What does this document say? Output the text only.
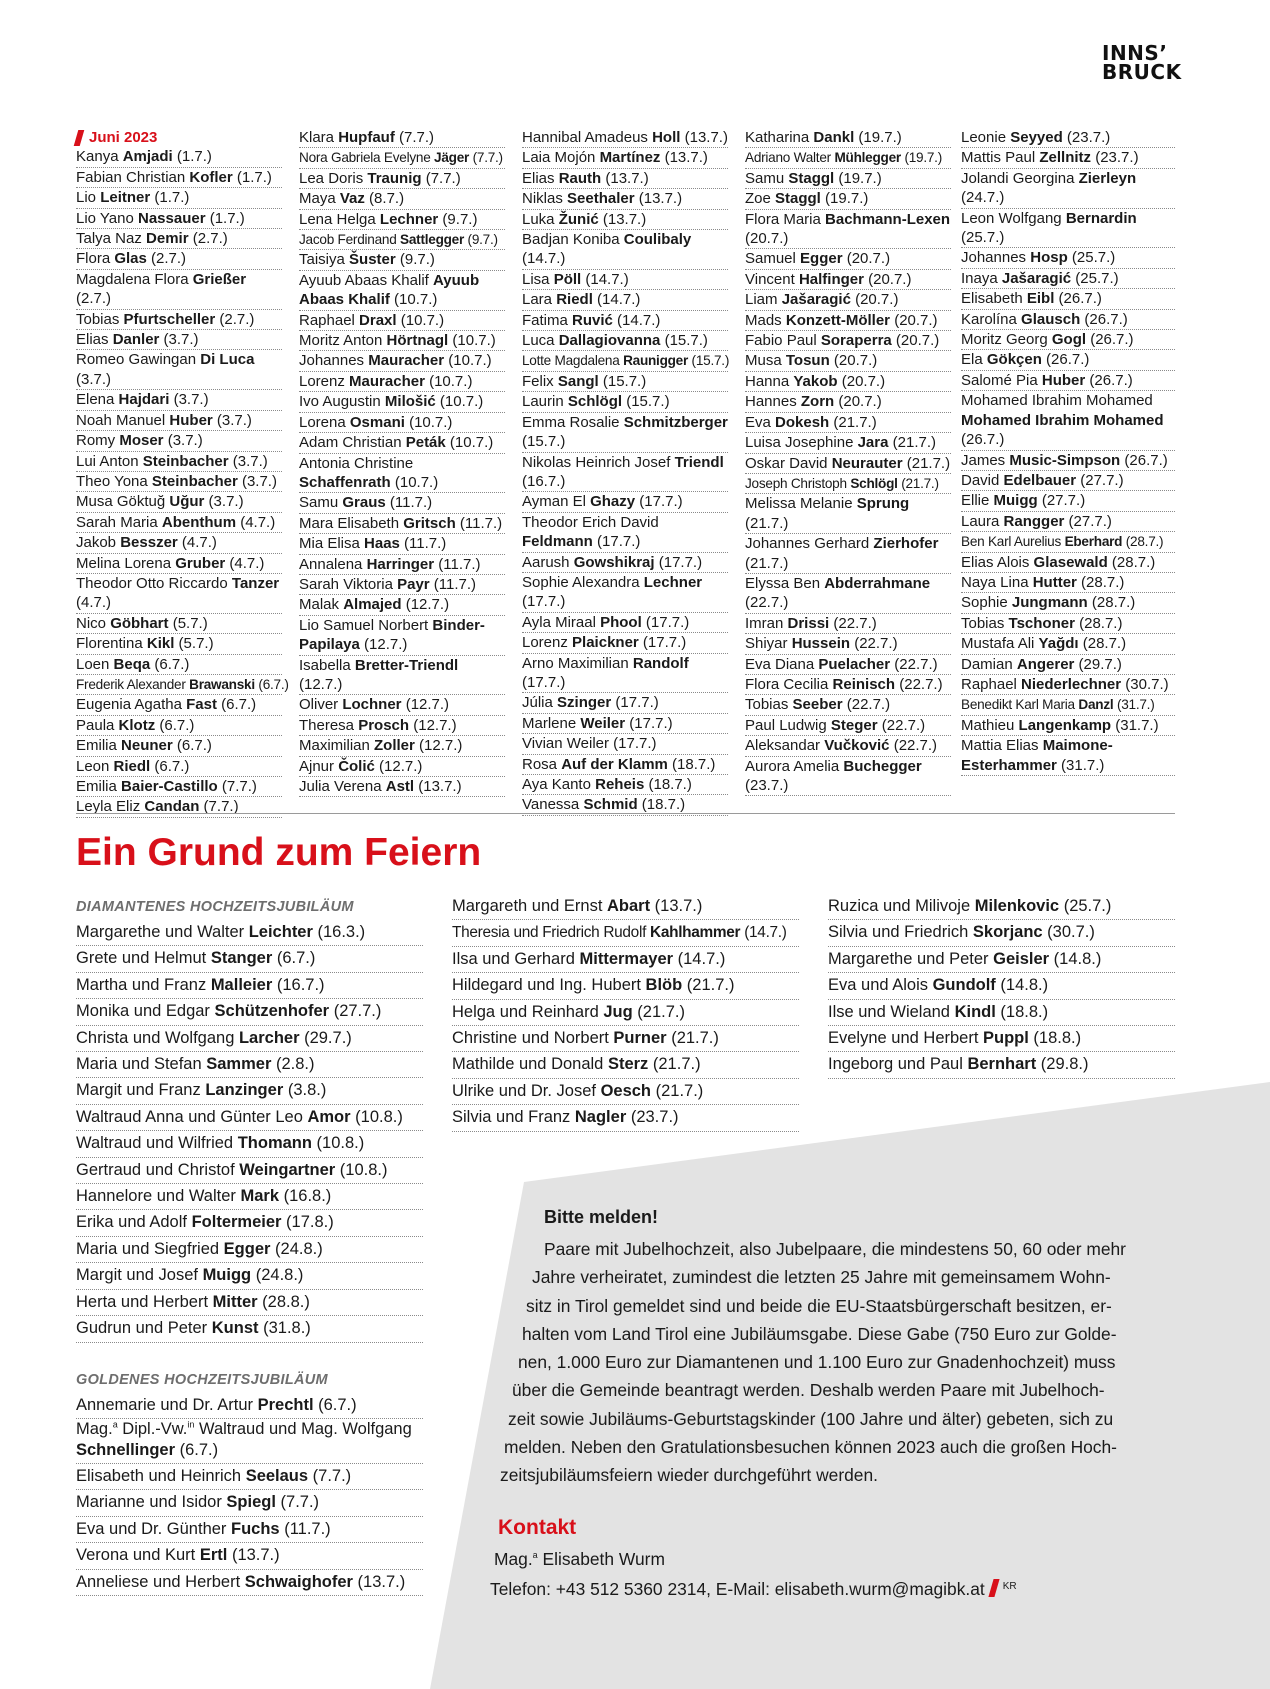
INNS’
BRUCK
Juni 2023
Kanya Amjadi (1.7.)
Fabian Christian Kofler (1.7.)
Lio Leitner (1.7.)
Lio Yano Nassauer (1.7.)
Talya Naz Demir (2.7.)
Flora Glas (2.7.)
Magdalena Flora Grießer (2.7.)
Tobias Pfurtscheller (2.7.)
Elias Danler (3.7.)
Romeo Gawingan Di Luca (3.7.)
Elena Hajdari (3.7.)
Noah Manuel Huber (3.7.)
Romy Moser (3.7.)
Lui Anton Steinbacher (3.7.)
Theo Yona Steinbacher (3.7.)
Musa Göktuğ Uğur (3.7.)
Sarah Maria Abenthum (4.7.)
Jakob Besszer (4.7.)
Melina Lorena Gruber (4.7.)
Theodor Otto Riccardo Tanzer (4.7.)
Nico Göbhart (5.7.)
Florentina Kikl (5.7.)
Loen Beqa (6.7.)
Frederik Alexander Brawanski (6.7.)
Eugenia Agatha Fast (6.7.)
Paula Klotz (6.7.)
Emilia Neuner (6.7.)
Leon Riedl (6.7.)
Emilia Baier-Castillo (7.7.)
Leyla Eliz Candan (7.7.)
Klara Hupfauf (7.7.)
Nora Gabriela Evelyne Jäger (7.7.)
Lea Doris Traunig (7.7.)
Maya Vaz (8.7.)
Lena Helga Lechner (9.7.)
Jacob Ferdinand Sattlegger (9.7.)
Taisiya Šuster (9.7.)
Ayuub Abaas Khalif Ayuub Abaas Khalif (10.7.)
Raphael Draxl (10.7.)
Moritz Anton Hörtnagl (10.7.)
Johannes Mauracher (10.7.)
Lorenz Mauracher (10.7.)
Ivo Augustin Milošić (10.7.)
Lorena Osmani (10.7.)
Adam Christian Peták (10.7.)
Antonia Christine Schaffenrath (10.7.)
Samu Graus (11.7.)
Mara Elisabeth Gritsch (11.7.)
Mia Elisa Haas (11.7.)
Annalena Harringer (11.7.)
Sarah Viktoria Payr (11.7.)
Malak Almajed (12.7.)
Lio Samuel Norbert Binder-Papilaya (12.7.)
Isabella Bretter-Triendl (12.7.)
Oliver Lochner (12.7.)
Theresa Prosch (12.7.)
Maximilian Zoller (12.7.)
Ajnur Čolić (12.7.)
Julia Verena Astl (13.7.)
Hannibal Amadeus Holl (13.7.)
Laia Mojón Martínez (13.7.)
Elias Rauth (13.7.)
Niklas Seethaler (13.7.)
Luka Žunić (13.7.)
Badjan Koniba Coulibaly (14.7.)
Lisa Pöll (14.7.)
Lara Riedl (14.7.)
Fatima Ruvić (14.7.)
Luca Dallagiovanna (15.7.)
Lotte Magdalena Raunigger (15.7.)
Felix Sangl (15.7.)
Laurin Schlögl (15.7.)
Emma Rosalie Schmitzberger (15.7.)
Nikolas Heinrich Josef Triendl (16.7.)
Ayman El Ghazy (17.7.)
Theodor Erich David Feldmann (17.7.)
Aarush Gowshikraj (17.7.)
Sophie Alexandra Lechner (17.7.)
Ayla Miraal Phool (17.7.)
Lorenz Plaickner (17.7.)
Arno Maximilian Randolf (17.7.)
Júlia Szinger (17.7.)
Marlene Weiler (17.7.)
Vivian Weiler (17.7.)
Rosa Auf der Klamm (18.7.)
Aya Kanto Reheis (18.7.)
Vanessa Schmid (18.7.)
Katharina Dankl (19.7.)
Adriano Walter Mühlegger (19.7.)
Samu Staggl (19.7.)
Zoe Staggl (19.7.)
Flora Maria Bachmann-Lexen (20.7.)
Samuel Egger (20.7.)
Vincent Halfinger (20.7.)
Liam Jašaragić (20.7.)
Mads Konzett-Möller (20.7.)
Fabio Paul Soraperra (20.7.)
Musa Tosun (20.7.)
Hanna Yakob (20.7.)
Hannes Zorn (20.7.)
Eva Dokesh (21.7.)
Luisa Josephine Jara (21.7.)
Oskar David Neurauter (21.7.)
Joseph Christoph Schlögl (21.7.)
Melissa Melanie Sprung (21.7.)
Johannes Gerhard Zierhofer (21.7.)
Elyssa Ben Abderrahmane (22.7.)
Imran Drissi (22.7.)
Shiyar Hussein (22.7.)
Eva Diana Puelacher (22.7.)
Flora Cecilia Reinisch (22.7.)
Tobias Seeber (22.7.)
Paul Ludwig Steger (22.7.)
Aleksandar Vučković (22.7.)
Aurora Amelia Buchegger (23.7.)
Leonie Seyyed (23.7.)
Mattis Paul Zellnitz (23.7.)
Jolandi Georgina Zierleyn (24.7.)
Leon Wolfgang Bernardin (25.7.)
Johannes Hosp (25.7.)
Inaya Jašaragić (25.7.)
Elisabeth Eibl (26.7.)
Karolína Glausch (26.7.)
Moritz Georg Gogl (26.7.)
Ela Gökçen (26.7.)
Salomé Pia Huber (26.7.)
Mohamed Ibrahim Mohamed Mohamed Ibrahim Mohamed (26.7.)
James Music-Simpson (26.7.)
David Edelbauer (27.7.)
Ellie Muigg (27.7.)
Laura Rangger (27.7.)
Ben Karl Aurelius Eberhard (28.7.)
Elias Alois Glasewald (28.7.)
Naya Lina Hutter (28.7.)
Sophie Jungmann (28.7.)
Tobias Tschoner (28.7.)
Mustafa Ali Yağdı (28.7.)
Damian Angerer (29.7.)
Raphael Niederlechner (30.7.)
Benedikt Karl Maria Danzl (31.7.)
Mathieu Langenkamp (31.7.)
Mattia Elias Maimone-Esterhammer (31.7.)
Ein Grund zum Feiern
DIAMANTENES HOCHZEITSJUBILÄUM
Margarethe und Walter Leichter (16.3.)
Grete und Helmut Stanger (6.7.)
Martha und Franz Malleier (16.7.)
Monika und Edgar Schützenhofer (27.7.)
Christa und Wolfgang Larcher (29.7.)
Maria und Stefan Sammer (2.8.)
Margit und Franz Lanzinger (3.8.)
Waltraud Anna und Günter Leo Amor (10.8.)
Waltraud und Wilfried Thomann (10.8.)
Gertraud und Christof Weingartner (10.8.)
Hannelore und Walter Mark (16.8.)
Erika und Adolf Foltermeier (17.8.)
Maria und Siegfried Egger (24.8.)
Margit und Josef Muigg (24.8.)
Herta und Herbert Mitter (28.8.)
Gudrun und Peter Kunst (31.8.)
GOLDENES HOCHZEITSJUBILÄUM
Annemarie und Dr. Artur Prechtl (6.7.)
Mag.$^a$ Dipl.-Vw.$^{in}$ Waltraud und Mag. Wolfgang Schnellinger (6.7.)
Elisabeth und Heinrich Seelaus (7.7.)
Marianne und Isidor Spiegl (7.7.)
Eva und Dr. Günther Fuchs (11.7.)
Verona und Kurt Ertl (13.7.)
Anneliese und Herbert Schwaighofer (13.7.)
Margareth und Ernst Abart (13.7.)
Theresia und Friedrich Rudolf Kahlhammer (14.7.)
Ilsa und Gerhard Mittermayer (14.7.)
Hildegard und Ing. Hubert Blöb (21.7.)
Helga und Reinhard Jug (21.7.)
Christine und Norbert Purner (21.7.)
Mathilde und Donald Sterz (21.7.)
Ulrike und Dr. Josef Oesch (21.7.)
Silvia und Franz Nagler (23.7.)
Ruzica und Milivoje Milenkovic (25.7.)
Silvia und Friedrich Skorjanc (30.7.)
Margarethe und Peter Geisler (14.8.)
Eva und Alois Gundolf (14.8.)
Ilse und Wieland Kindl (18.8.)
Evelyne und Herbert Puppl (18.8.)
Ingeborg und Paul Bernhart (29.8.)
Bitte melden!

Paare mit Jubelhochzeit, also Jubelpaare, die mindestens 50, 60 oder mehr

Jahre verheiratet, zumindest die letzten 25 Jahre mit gemeinsamem Wohn-

sitz in Tirol gemeldet sind und beide die EU-Staatsbürgerschaft besitzen, er-

halten vom Land Tirol eine Jubiläumsgabe. Diese Gabe (750 Euro zur Golde-

nen, 1.000 Euro zur Diamantenen und 1.100 Euro zur Gnadenhochzeit) muss

über die Gemeinde beantragt werden. Deshalb werden Paare mit Jubelhoch-

zeit sowie Jubiläums-Geburtstagskinder (100 Jahre und älter) gebeten, sich zu

melden. Neben den Gratulationsbesuchen können 2023 auch die großen Hoch-

zeitsjubiläumsfeiern wieder durchgeführt werden.

Kontakt
Mag.$^a$ Elisabeth Wurm
Telefon: +43 512 5360 2314, E-Mail: elisabeth.wurm@magibk.at $^{KR}$
